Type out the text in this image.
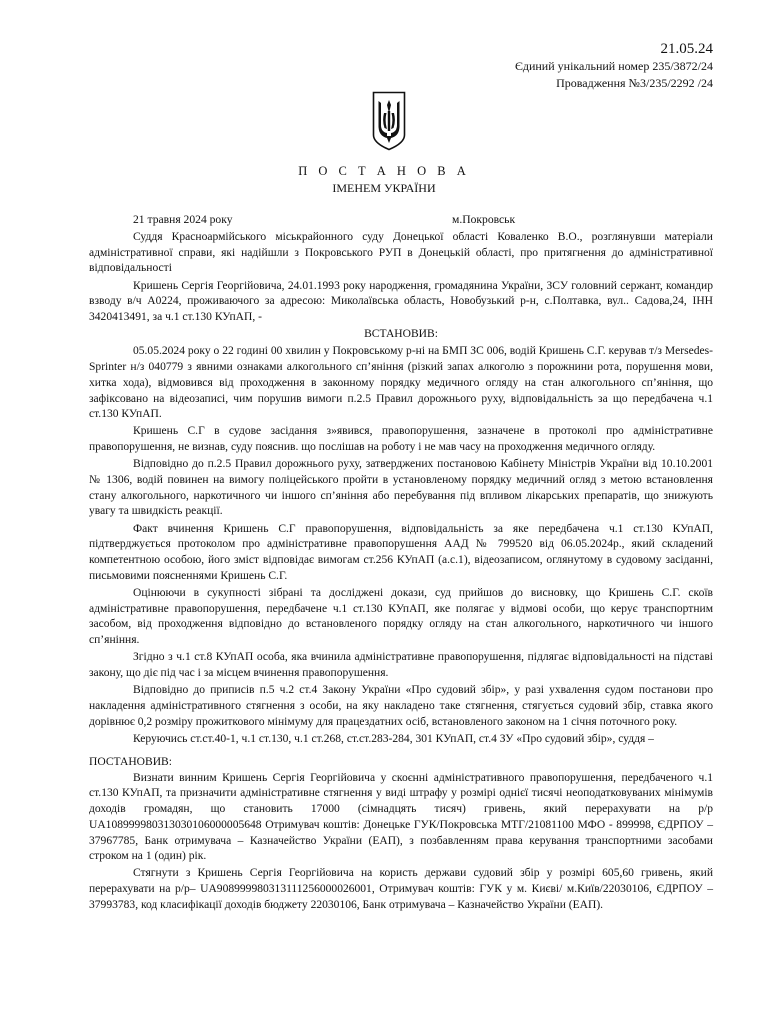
21.05.24
Єдиний унікальний номер 235/3872/24
Провадження №3/235/2292 /24
П О С Т А Н О В А
ІМЕНЕМ УКРАЇНИ
21 травня 2024 року	м.Покровськ

Суддя Красноармійського міськрайонного суду Донецької області Коваленко В.О., розглянувши матеріали адміністративної справи, які надійшли з Покровського РУП в Донецькій області, про притягнення до адміністративної відповідальності

Кришень Сергія Георгійовича, 24.01.1993 року народження, громадянина України, ЗСУ головний сержант, командир взводу в/ч А0224, проживаючого за адресою: Миколаївська область, Новобузький р-н, с.Полтавка, вул.. Садова,24, ІНН 3420413491, за ч.1 ст.130 КУпАП, -

ВСТАНОВИВ:

05.05.2024 року о 22 годині 00 хвилин у Покровському р-ні на БМП ЗС 006, водій Кришень С.Г. керував т/з Mersedes-Sprinter н/з 040779 з явними ознаками алкогольного сп’яніння (різкий запах алкоголю з порожнини рота, порушення мови, хитка хода), відмовився від проходження в законному порядку медичного огляду на стан алкогольного сп’яніння, що зафіксовано на відеозаписі, чим порушив вимоги п.2.5 Правил дорожнього руху, відповідальність за що передбачена ч.1 ст.130 КУпАП.

Кришень С.Г в судове засідання з»явився, правопорушення, зазначене в протоколі про адміністративне правопорушення, не визнав, суду пояснив. що послішав на роботу і не мав часу на проходження медичного огляду.

Відповідно до п.2.5 Правил дорожнього руху, затверджених постановою Кабінету Міністрів України від 10.10.2001 № 1306, водій повинен на вимогу поліцейського пройти в установленому порядку медичний огляд з метою встановлення стану алкогольного, наркотичного чи іншого сп’яніння або перебування під впливом лікарських препаратів, що знижують увагу та швидкість реакції.

Факт вчинення Кришень С.Г правопорушення, відповідальність за яке передбачена ч.1 ст.130 КУпАП, підтверджується протоколом про адміністративне правопорушення ААД № 799520 від 06.05.2024р., який складений компетентною особою, його зміст відповідає вимогам ст.256 КУпАП (а.с.1), відеозаписом, оглянутому в судовому засіданні, письмовими поясненнями Кришень С.Г.

Оцінюючи в сукупності зібрані та досліджені докази, суд прийшов до висновку, що Кришень С.Г. скоїв адміністративне правопорушення, передбачене ч.1 ст.130 КУпАП, яке полягає у відмові особи, що керує транспортним засобом, від проходження відповідно до встановленого порядку огляду на стан алкогольного, наркотичного чи іншого сп’яніння.

Згідно з ч.1 ст.8 КУпАП особа, яка вчинила адміністративне правопорушення, підлягає відповідальності на підставі закону, що діє під час і за місцем вчинення правопорушення.

Відповідно до приписів п.5 ч.2 ст.4 Закону України «Про судовий збір», у разі ухвалення судом постанови про накладення адміністративного стягнення з особи, на яку накладено таке стягнення, стягується судовий збір, ставка якого дорівнює 0,2 розміру прожиткового мінімуму для працездатних осіб, встановленого законом на 1 січня поточного року.

Керуючись ст.ст.40-1, ч.1 ст.130, ч.1 ст.268, ст.ст.283-284, 301 КУпАП, ст.4 ЗУ «Про судовий збір», суддя –

ПОСТАНОВИВ:

Визнати винним Кришень Сергія Георгійовича у скоєнні адміністративного правопорушення, передбаченого ч.1 ст.130 КУпАП, та призначити адміністративне стягнення у виді штрафу у розмірі однієї тисячі неоподатковуваних мінімумів доходів громадян, що становить 17000 (сімнадцять тисяч) гривень, який перерахувати на р/р UA108999980313030106000005648 Отримувач коштів: Донецьке ГУК/Покровська МТГ/21081100 МФО - 899998, ЄДРПОУ – 37967785, Банк отримувача – Казначейство України (ЕАП), з позбавленням права керування транспортними засобами строком на 1 (один) рік.

Стягнути з Кришень Сергія Георгійовича на користь держави судовий збір у розмірі 605,60 гривень, який перерахувати на р/р– UA908999980313111256000026001, Отримувач коштів: ГУК у м. Києві/ м.Київ/22030106, ЄДРПОУ – 37993783, код класифікації доходів бюджету 22030106, Банк отримувача – Казначейство України (ЕАП).
